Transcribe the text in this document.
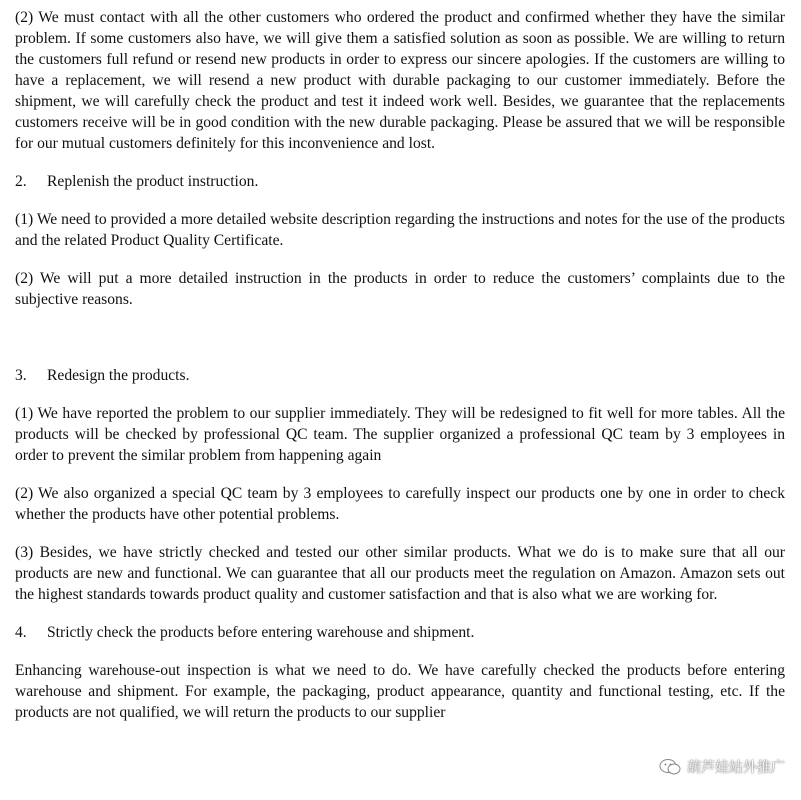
(2) We must contact with all the other customers who ordered the product and confirmed whether they have the similar problem. If some customers also have, we will give them a satisfied solution as soon as possible. We are willing to return the customers full refund or resend new products in order to express our sincere apologies. If the customers are willing to have a replacement, we will resend a new product with durable packaging to our customer immediately. Before the shipment, we will carefully check the product and test it indeed work well. Besides, we guarantee that the replacements customers receive will be in good condition with the new durable packaging. Please be assured that we will be responsible for our mutual customers definitely for this inconvenience and lost.

2. Replenish the product instruction.

(1) We need to provided a more detailed website description regarding the instructions and notes for the use of the products and the related Product Quality Certificate.

(2) We will put a more detailed instruction in the products in order to reduce the customers’ complaints due to the subjective reasons.

3. Redesign the products.

(1) We have reported the problem to our supplier immediately. They will be redesigned to fit well for more tables. All the products will be checked by professional QC team. The supplier organized a professional QC team by 3 employees in order to prevent the similar problem from happening again

(2) We also organized a special QC team by 3 employees to carefully inspect our products one by one in order to check whether the products have other potential problems.

(3) Besides, we have strictly checked and tested our other similar products. What we do is to make sure that all our products are new and functional. We can guarantee that all our products meet the regulation on Amazon. Amazon sets out the highest standards towards product quality and customer satisfaction and that is also what we are working for.

4. Strictly check the products before entering warehouse and shipment.

Enhancing warehouse-out inspection is what we need to do. We have carefully checked the products before entering warehouse and shipment. For example, the packaging, product appearance, quantity and functional testing, etc. If the products are not qualified, we will return the products to our supplier

葫芦娃站外推广
